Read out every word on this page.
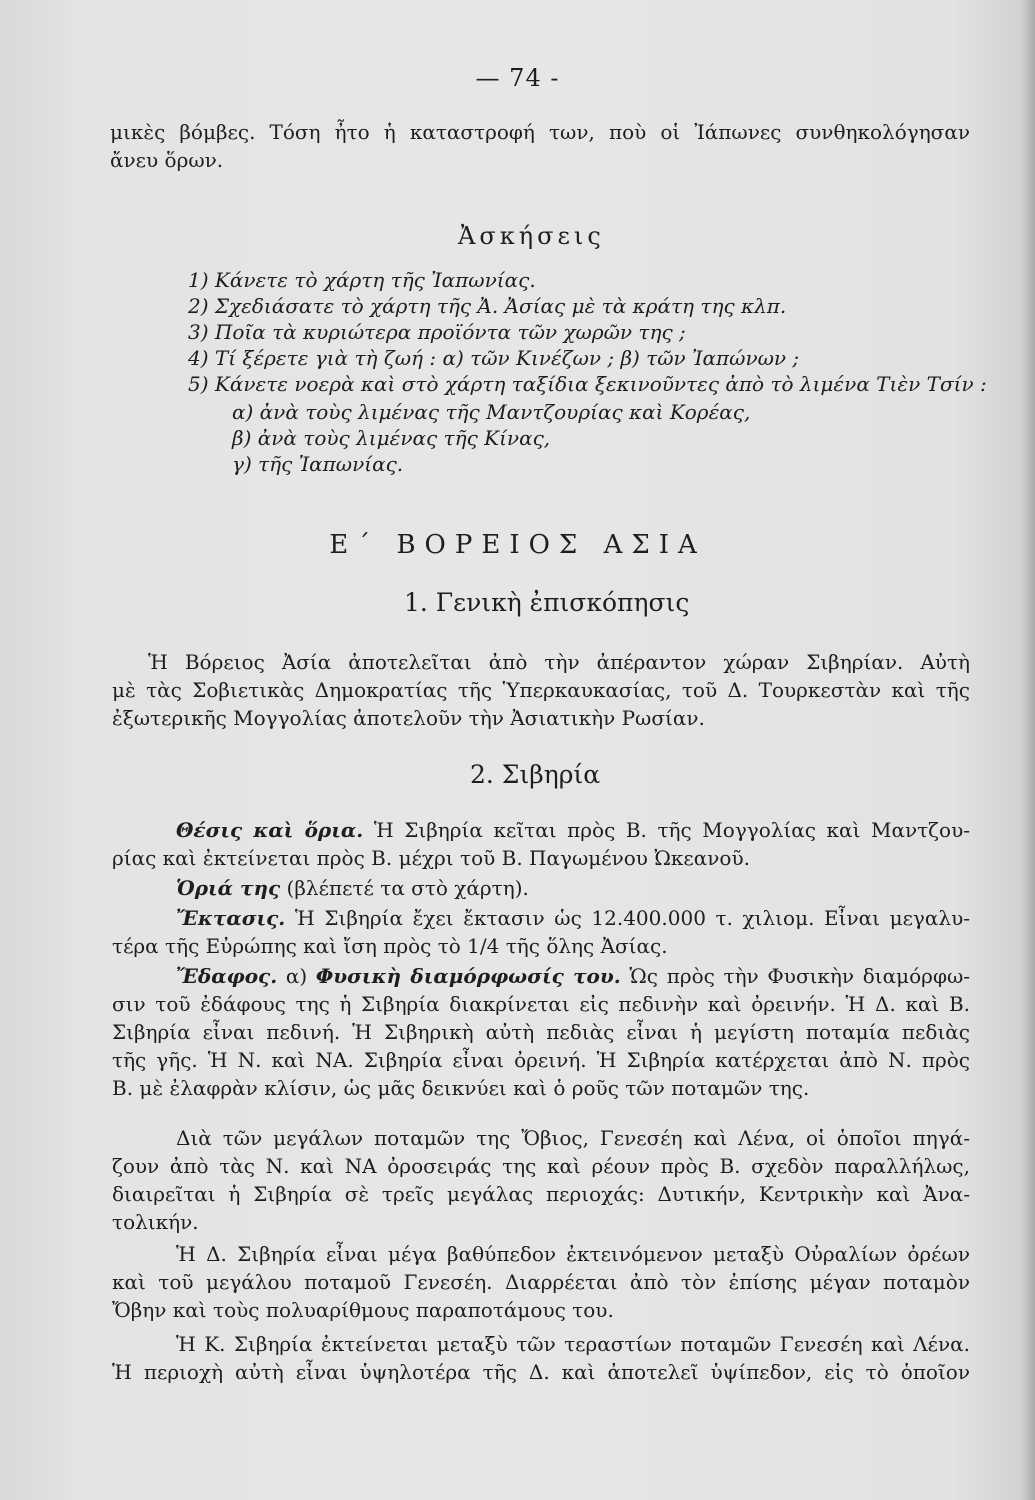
— 74 -
μικὲς βόμβες. Τόση ἦτο ἡ καταστροφή των, ποὺ οἱ Ἰάπωνες συνθηκολόγησαν
ἄνευ ὅρων.
Ἀσκήσεις
1) Κάνετε τὸ χάρτη τῆς Ἰαπωνίας.
2) Σχεδιάσατε τὸ χάρτη τῆς Ἀ. Ἀσίας μὲ τὰ κράτη της κλπ.
3) Ποῖα τὰ κυριώτερα προϊόντα τῶν χωρῶν της ;
4) Τί ξέρετε γιὰ τὴ ζωή : α) τῶν Κινέζων ; β) τῶν Ἰαπώνων ;
5) Κάνετε νοερὰ καὶ στὸ χάρτη ταξίδια ξεκινοῦντες ἀπὸ τὸ λιμένα Τιὲν Τσίν :
α) ἀνὰ τοὺς λιμένας τῆς Μαντζουρίας καὶ Κορέας,
β) ἀνὰ τοὺς λιμένας τῆς Κίνας,
γ) τῆς Ἰαπωνίας.
Ε΄ ΒΟΡΕΙΟΣ ΑΣΙΑ
1. Γενικὴ ἐπισκόπησις
Ἡ Βόρειος Ἀσία ἀποτελεῖται ἀπὸ τὴν ἀπέραντον χώραν Σιβηρίαν. Αὐτὴ
μὲ τὰς Σοβιετικὰς Δημοκρατίας τῆς Ὑπερκαυκασίας, τοῦ Δ. Τουρκεστὰν καὶ τῆς
ἐξωτερικῆς Μογγολίας ἀποτελοῦν τὴν Ἀσιατικὴν Ρωσίαν.
2. Σιβηρία
Θέσις καὶ ὅρια. Ἡ Σιβηρία κεῖται πρὸς Β. τῆς Μογγολίας καὶ Μαντζου-
ρίας καὶ ἐκτείνεται πρὸς Β. μέχρι τοῦ Β. Παγωμένου Ὠκεανοῦ.
Ὁριά της (βλέπετέ τα στὸ χάρτη).
Ἔκτασις. Ἡ Σιβηρία ἔχει ἔκτασιν ὡς 12.400.000 τ. χιλιομ. Εἶναι μεγαλυ-
τέρα τῆς Εὐρώπης καὶ ἴση πρὸς τὸ 1/4 τῆς ὅλης Ἀσίας.
Ἔδαφος. α) Φυσικὴ διαμόρφωσίς του. Ὡς πρὸς τὴν Φυσικὴν διαμόρφω-
σιν τοῦ ἐδάφους της ἡ Σιβηρία διακρίνεται εἰς πεδινὴν καὶ ὀρεινήν. Ἡ Δ. καὶ Β.
Σιβηρία εἶναι πεδινή. Ἡ Σιβηρικὴ αὐτὴ πεδιὰς εἶναι ἡ μεγίστη ποταμία πεδιὰς
τῆς γῆς. Ἡ Ν. καὶ ΝΑ. Σιβηρία εἶναι ὀρεινή. Ἡ Σιβηρία κατέρχεται ἀπὸ Ν. πρὸς
Β. μὲ ἐλαφρὰν κλίσιν, ὡς μᾶς δεικνύει καὶ ὁ ροῦς τῶν ποταμῶν της.
Διὰ τῶν μεγάλων ποταμῶν της Ὄβιος, Γενεσέη καὶ Λένα, οἱ ὁποῖοι πηγά-
ζουν ἀπὸ τὰς Ν. καὶ ΝΑ ὀροσειράς της καὶ ρέουν πρὸς Β. σχεδὸν παραλλήλως,
διαιρεῖται ἡ Σιβηρία σὲ τρεῖς μεγάλας περιοχάς: Δυτικήν, Κεντρικὴν καὶ Ἀνα-
τολικήν.
Ἡ Δ. Σιβηρία εἶναι μέγα βαθύπεδον ἐκτεινόμενον μεταξὺ Οὐραλίων ὀρέων
καὶ τοῦ μεγάλου ποταμοῦ Γενεσέη. Διαρρέεται ἀπὸ τὸν ἐπίσης μέγαν ποταμὸν
Ὄβην καὶ τοὺς πολυαρίθμους παραποτάμους του.
Ἡ Κ. Σιβηρία ἐκτείνεται μεταξὺ τῶν τεραστίων ποταμῶν Γενεσέη καὶ Λένα.
Ἡ περιοχὴ αὐτὴ εἶναι ὑψηλοτέρα τῆς Δ. καὶ ἀποτελεῖ ὑψίπεδον, εἰς τὸ ὁποῖον
